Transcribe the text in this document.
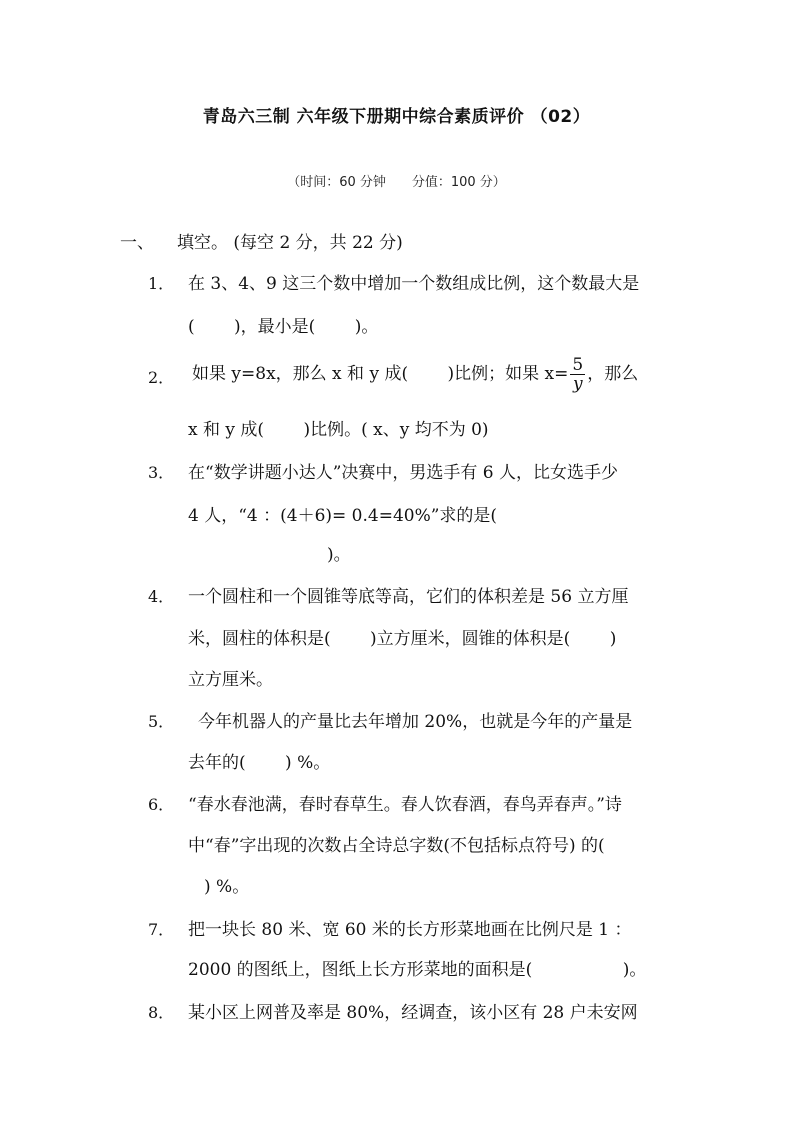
青岛六三制 六年级下册期中综合素质评价 （02）
（时间：60 分钟　　分值：100 分）
一、 填空。 (每空 2 分，共 22 分)
1． 在 3、4、9 这三个数中增加一个数组成比例，这个数最大是
(　　 )，最小是(　　 )。
2． 如果 y=8x，那么 x 和 y 成(　　 )比例；如果 $x= \frac{5}{y}$ ，那么
x 和 y 成(　　 )比例。( x、y 均不为 0)
3． 在“数学讲题小达人”决赛中，男选手有 6 人，比女选手少
4 人，“4 ：(4＋6)= 0.4=40%”求的是(
)。
4． 一个圆柱和一个圆锥等底等高，它们的体积差是 56 立方厘
米，圆柱的体积是(　　 )立方厘米，圆锥的体积是(　　 )
立方厘米。
5． 今年机器人的产量比去年增加 20%，也就是今年的产量是
去年的(　　 ) %。
6． “春水春池满，春时春草生。春人饮春酒，春鸟弄春声。”诗
中“春”字出现的次数占全诗总字数(不包括标点符号) 的(
) %。
7． 把一块长 80 米、宽 60 米的长方形菜地画在比例尺是 1 ：
2000 的图纸上，图纸上长方形菜地的面积是(　　　　　 )。
8． 某小区上网普及率是 80%，经调查，该小区有 28 户未安网
